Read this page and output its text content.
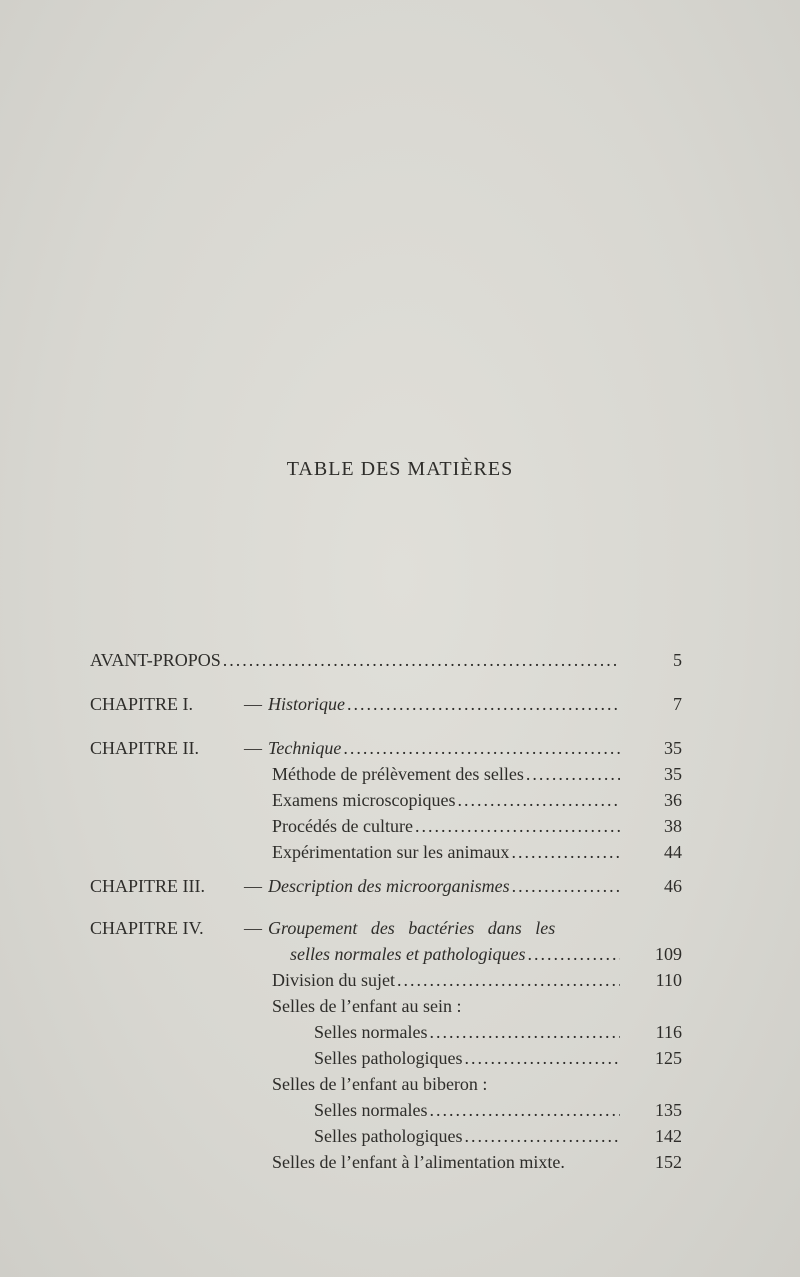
TABLE DES MATIÈRES
AVANT-PROPOS .....	5
CHAPITRE I.	— Historique .....	7
CHAPITRE II.	— Technique .....	35
Méthode de prélèvement des selles .....	35
Examens microscopiques .....	36
Procédés de culture .....	38
Expérimentation sur les animaux .....	44
CHAPITRE III. — Description des microorganismes .....	46
CHAPITRE IV. — Groupement des bactéries dans les
selles normales et pathologiques .....	109
Division du sujet .....	110
Selles de l’enfant au sein :
Selles normales .....	116
Selles pathologiques .....	125
Selles de l’enfant au biberon :
Selles normales .....	135
Selles pathologiques .....	142
Selles de l’enfant à l’alimentation mixte.	152
